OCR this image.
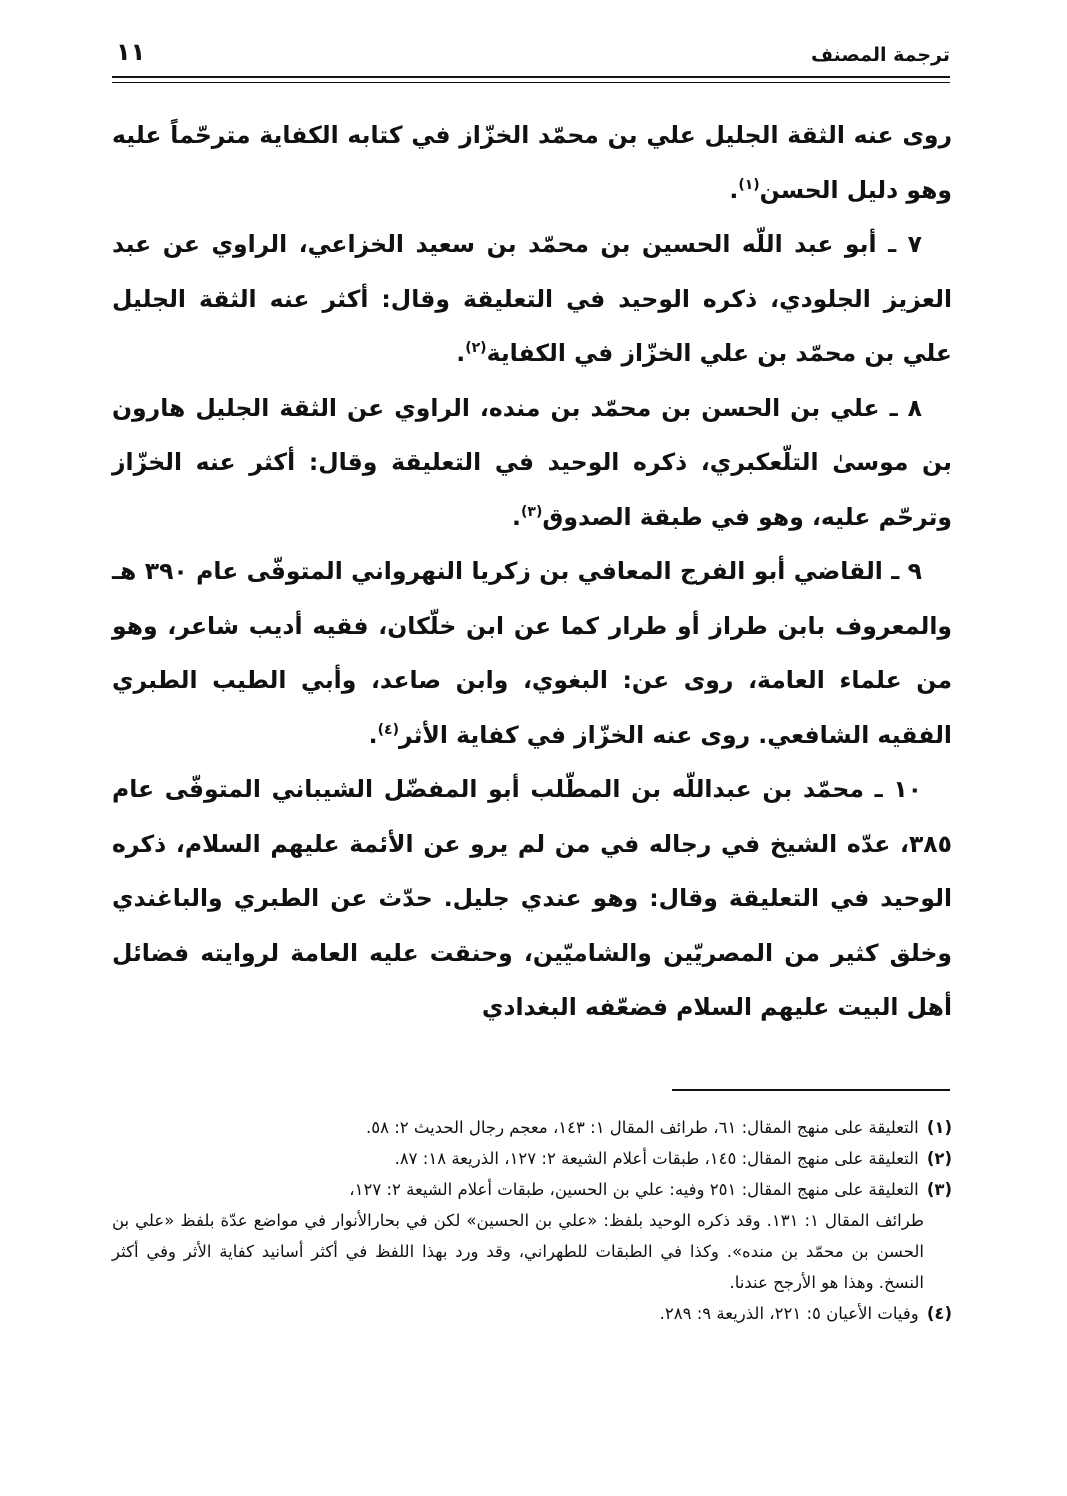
ترجمة المصنف
١١

روى عنه الثقة الجليل علي بن محمّد الخزّاز في كتابه الكفاية مترحّماً عليه وهو دليل الحسن$^{(١)}$.

٧ ـ أبو عبد اللّه الحسين بن محمّد بن سعيد الخزاعي، الراوي عن عبد العزيز الجلودي، ذكره الوحيد في التعليقة وقال: أكثر عنه الثقة الجليل علي بن محمّد بن علي الخزّاز في الكفاية$^{(٢)}$.

٨ ـ علي بن الحسن بن محمّد بن منده، الراوي عن الثقة الجليل هارون بن موسىٰ التلّعكبري، ذكره الوحيد في التعليقة وقال: أكثر عنه الخزّاز وترحّم عليه، وهو في طبقة الصدوق$^{(٣)}$.

٩ ـ القاضي أبو الفرج المعافي بن زكريا النهرواني المتوفّى عام ٣٩٠ هـ والمعروف بابن طراز أو طرار كما عن ابن خلّكان، فقيه أديب شاعر، وهو من علماء العامة، روى عن: البغوي، وابن صاعد، وأبي الطيب الطبري الفقيه الشافعي. روى عنه الخزّاز في كفاية الأثر$^{(٤)}$.

١٠ ـ محمّد بن عبداللّه بن المطّلب أبو المفضّل الشيباني المتوفّى عام ٣٨٥، عدّه الشيخ في رجاله في من لم يرو عن الأئمة عليهم السلام، ذكره الوحيد في التعليقة وقال: وهو عندي جليل. حدّث عن الطبري والباغندي وخلق كثير من المصريّين والشاميّين، وحنقت عليه العامة لروايته فضائل أهل البيت عليهم السلام فضعّفه البغدادي

(١) التعليقة على منهج المقال: ٦١، طرائف المقال ١: ١٤٣، معجم رجال الحديث ٢: ٥٨.

(٢) التعليقة على منهج المقال: ١٤٥، طبقات أعلام الشيعة ٢: ١٢٧، الذريعة ١٨: ٨٧.

(٣) التعليقة على منهج المقال: ٢٥١ وفيه: علي بن الحسين، طبقات أعلام الشيعة ٢: ١٢٧،

طرائف المقال ١: ١٣١. وقد ذكره الوحيد بلفظ: «علي بن الحسين» لكن في بحارالأنوار في مواضع عدّة بلفظ «علي بن الحسن بن محمّد بن منده». وكذا في الطبقات للطهراني، وقد ورد بهذا اللفظ في أكثر أسانيد كفاية الأثر وفي أكثر النسخ. وهذا هو الأرجح عندنا.

(٤) وفيات الأعيان ٥: ٢٢١، الذريعة ٩: ٢٨٩.
